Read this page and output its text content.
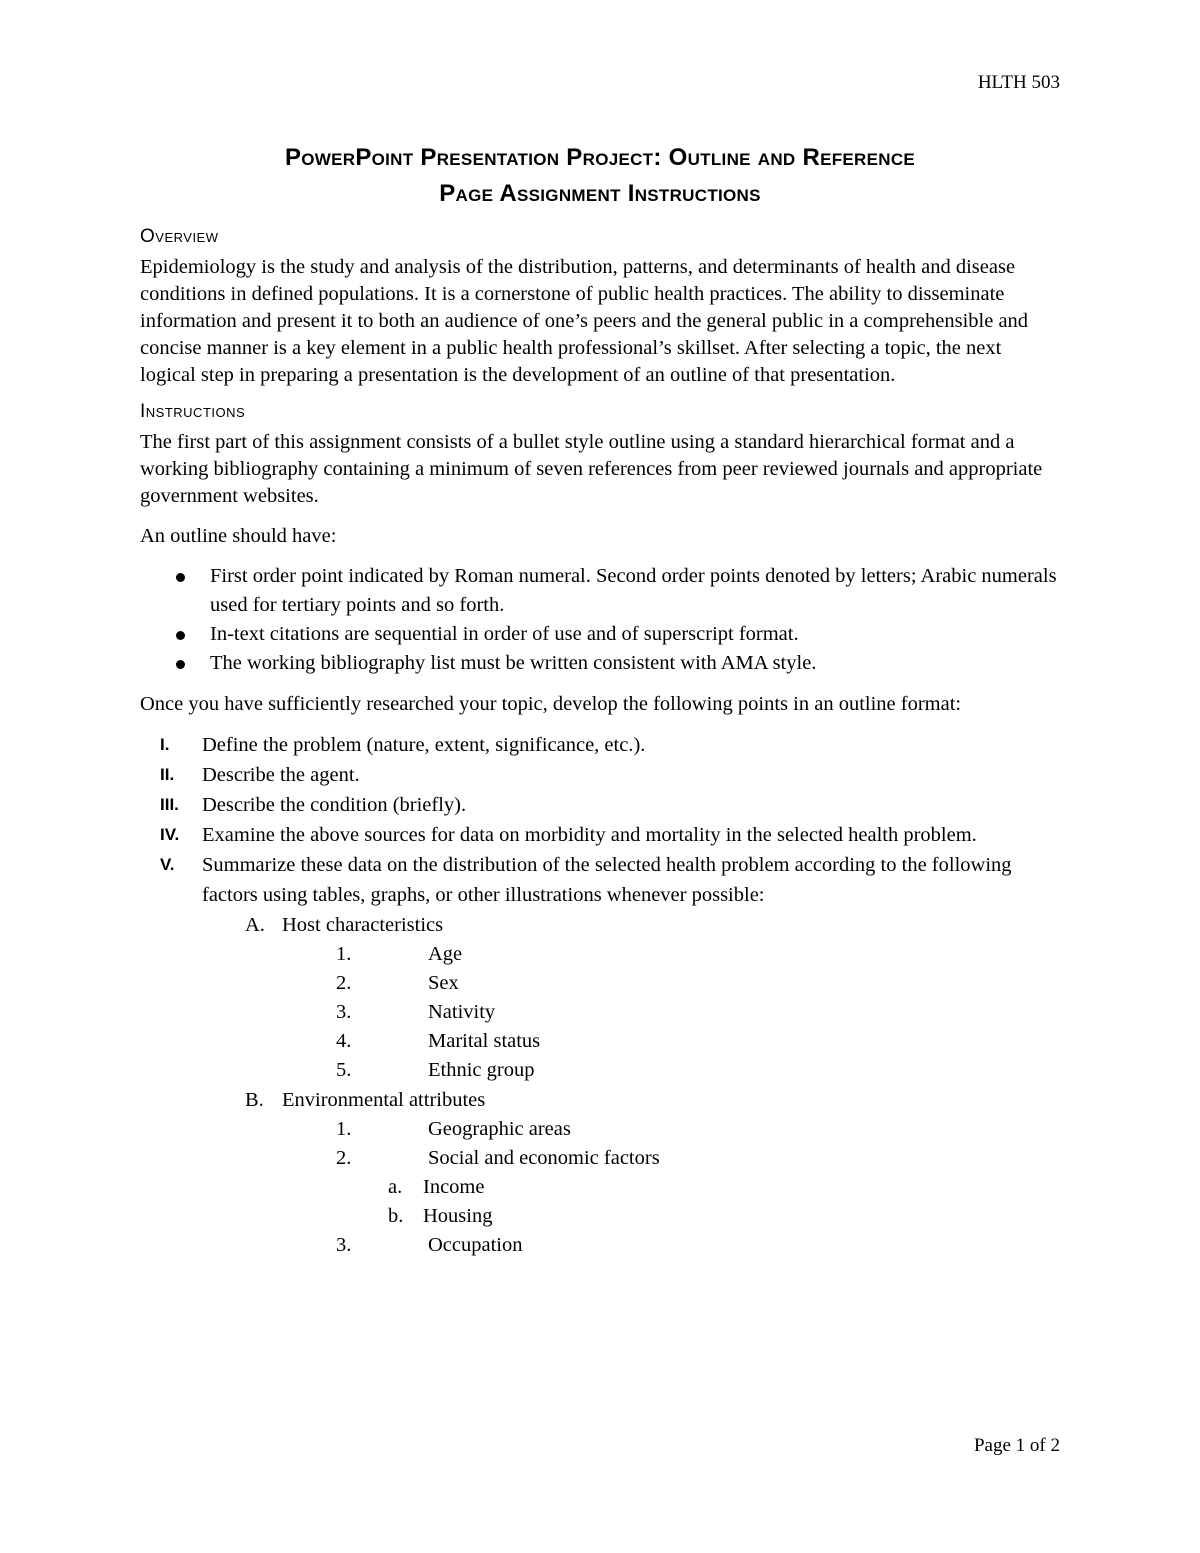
HLTH 503
PowerPoint Presentation Project: Outline and Reference
Page Assignment Instructions
Overview

Epidemiology is the study and analysis of the distribution, patterns, and determinants of health and disease conditions in defined populations. It is a cornerstone of public health practices. The ability to disseminate information and present it to both an audience of one’s peers and the general public in a comprehensible and concise manner is a key element in a public health professional’s skillset. After selecting a topic, the next logical step in preparing a presentation is the development of an outline of that presentation.

Instructions

The first part of this assignment consists of a bullet style outline using a standard hierarchical format and a working bibliography containing a minimum of seven references from peer reviewed journals and appropriate government websites.

An outline should have:

First order point indicated by Roman numeral. Second order points denoted by letters; Arabic numerals used for tertiary points and so forth.
In-text citations are sequential in order of use and of superscript format.
The working bibliography list must be written consistent with AMA style.

Once you have sufficiently researched your topic, develop the following points in an outline format:

I. Define the problem (nature, extent, significance, etc.).
II. Describe the agent.
III. Describe the condition (briefly).
IV. Examine the above sources for data on morbidity and mortality in the selected health problem.
V. Summarize these data on the distribution of the selected health problem according to the following factors using tables, graphs, or other illustrations whenever possible:
A. Host characteristics
1.	Age
2.	Sex
3.	Nativity
4.	Marital status
5.	Ethnic group
B. Environmental attributes
1.	Geographic areas
2.	Social and economic factors
a. Income
b. Housing
3.	Occupation
Page 1 of 2
